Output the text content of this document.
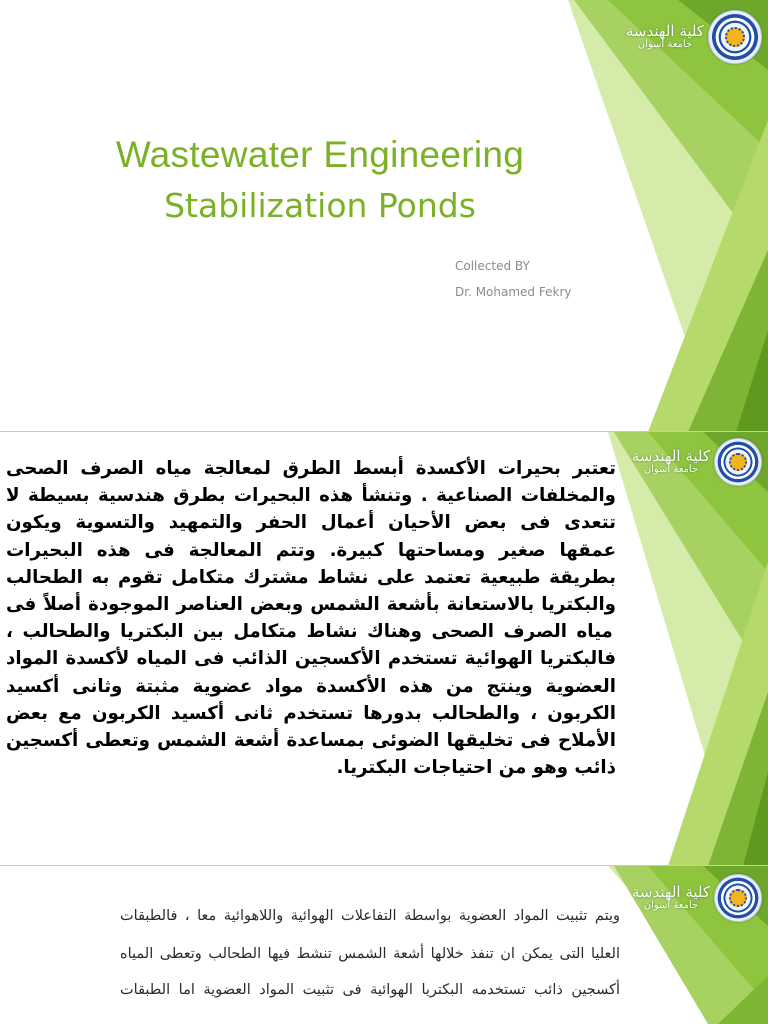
كلية الهندسة
جامعة أسوان
Wastewater Engineering
Stabilization Ponds
Collected BY
Dr. Mohamed Fekry
كلية الهندسة
جامعة أسوان

تعتبر بحيرات الأكسدة أبسط الطرق لمعالجة مياه الصرف الصحى والمخلفات الصناعية . وتنشأ هذه البحيرات بطرق هندسية بسيطة لا تتعدى فى بعض الأحيان أعمال الحفر والتمهيد والتسوية ويكون عمقها صغير ومساحتها كبيرة. وتتم المعالجة فى هذه البحيرات بطريقة طبيعية تعتمد على نشاط مشترك متكامل تقوم به الطحالب والبكتريا بالاستعانة بأشعة الشمس وبعض العناصر الموجودة أصلاً فى مياه الصرف الصحى وهناك نشاط متكامل بين البكتريا والطحالب ، فالبكتريا الهوائية تستخدم الأكسجين الذائب فى المياه لأكسدة المواد العضوية وينتج من هذه الأكسدة مواد عضوية مثبتة وثانى أكسيد الكربون ، والطحالب بدورها تستخدم ثانى أكسيد الكربون مع بعض الأملاح فى تخليقها الضوئى بمساعدة أشعة الشمس وتعطى أكسجين ذائب وهو من احتياجات البكتريا.

كلية الهندسة
جامعة أسوان

ويتم تثبيت المواد العضوية بواسطة التفاعلات الهوائية واللاهوائية معا ، فالطبقات

العليا التى يمكن ان تنفذ خلالها أشعة الشمس تنشط فيها الطحالب وتعطى المياه

أكسجين ذائب تستخدمه البكتريا الهوائية فى تثبيت المواد العضوية اما الطبقات
